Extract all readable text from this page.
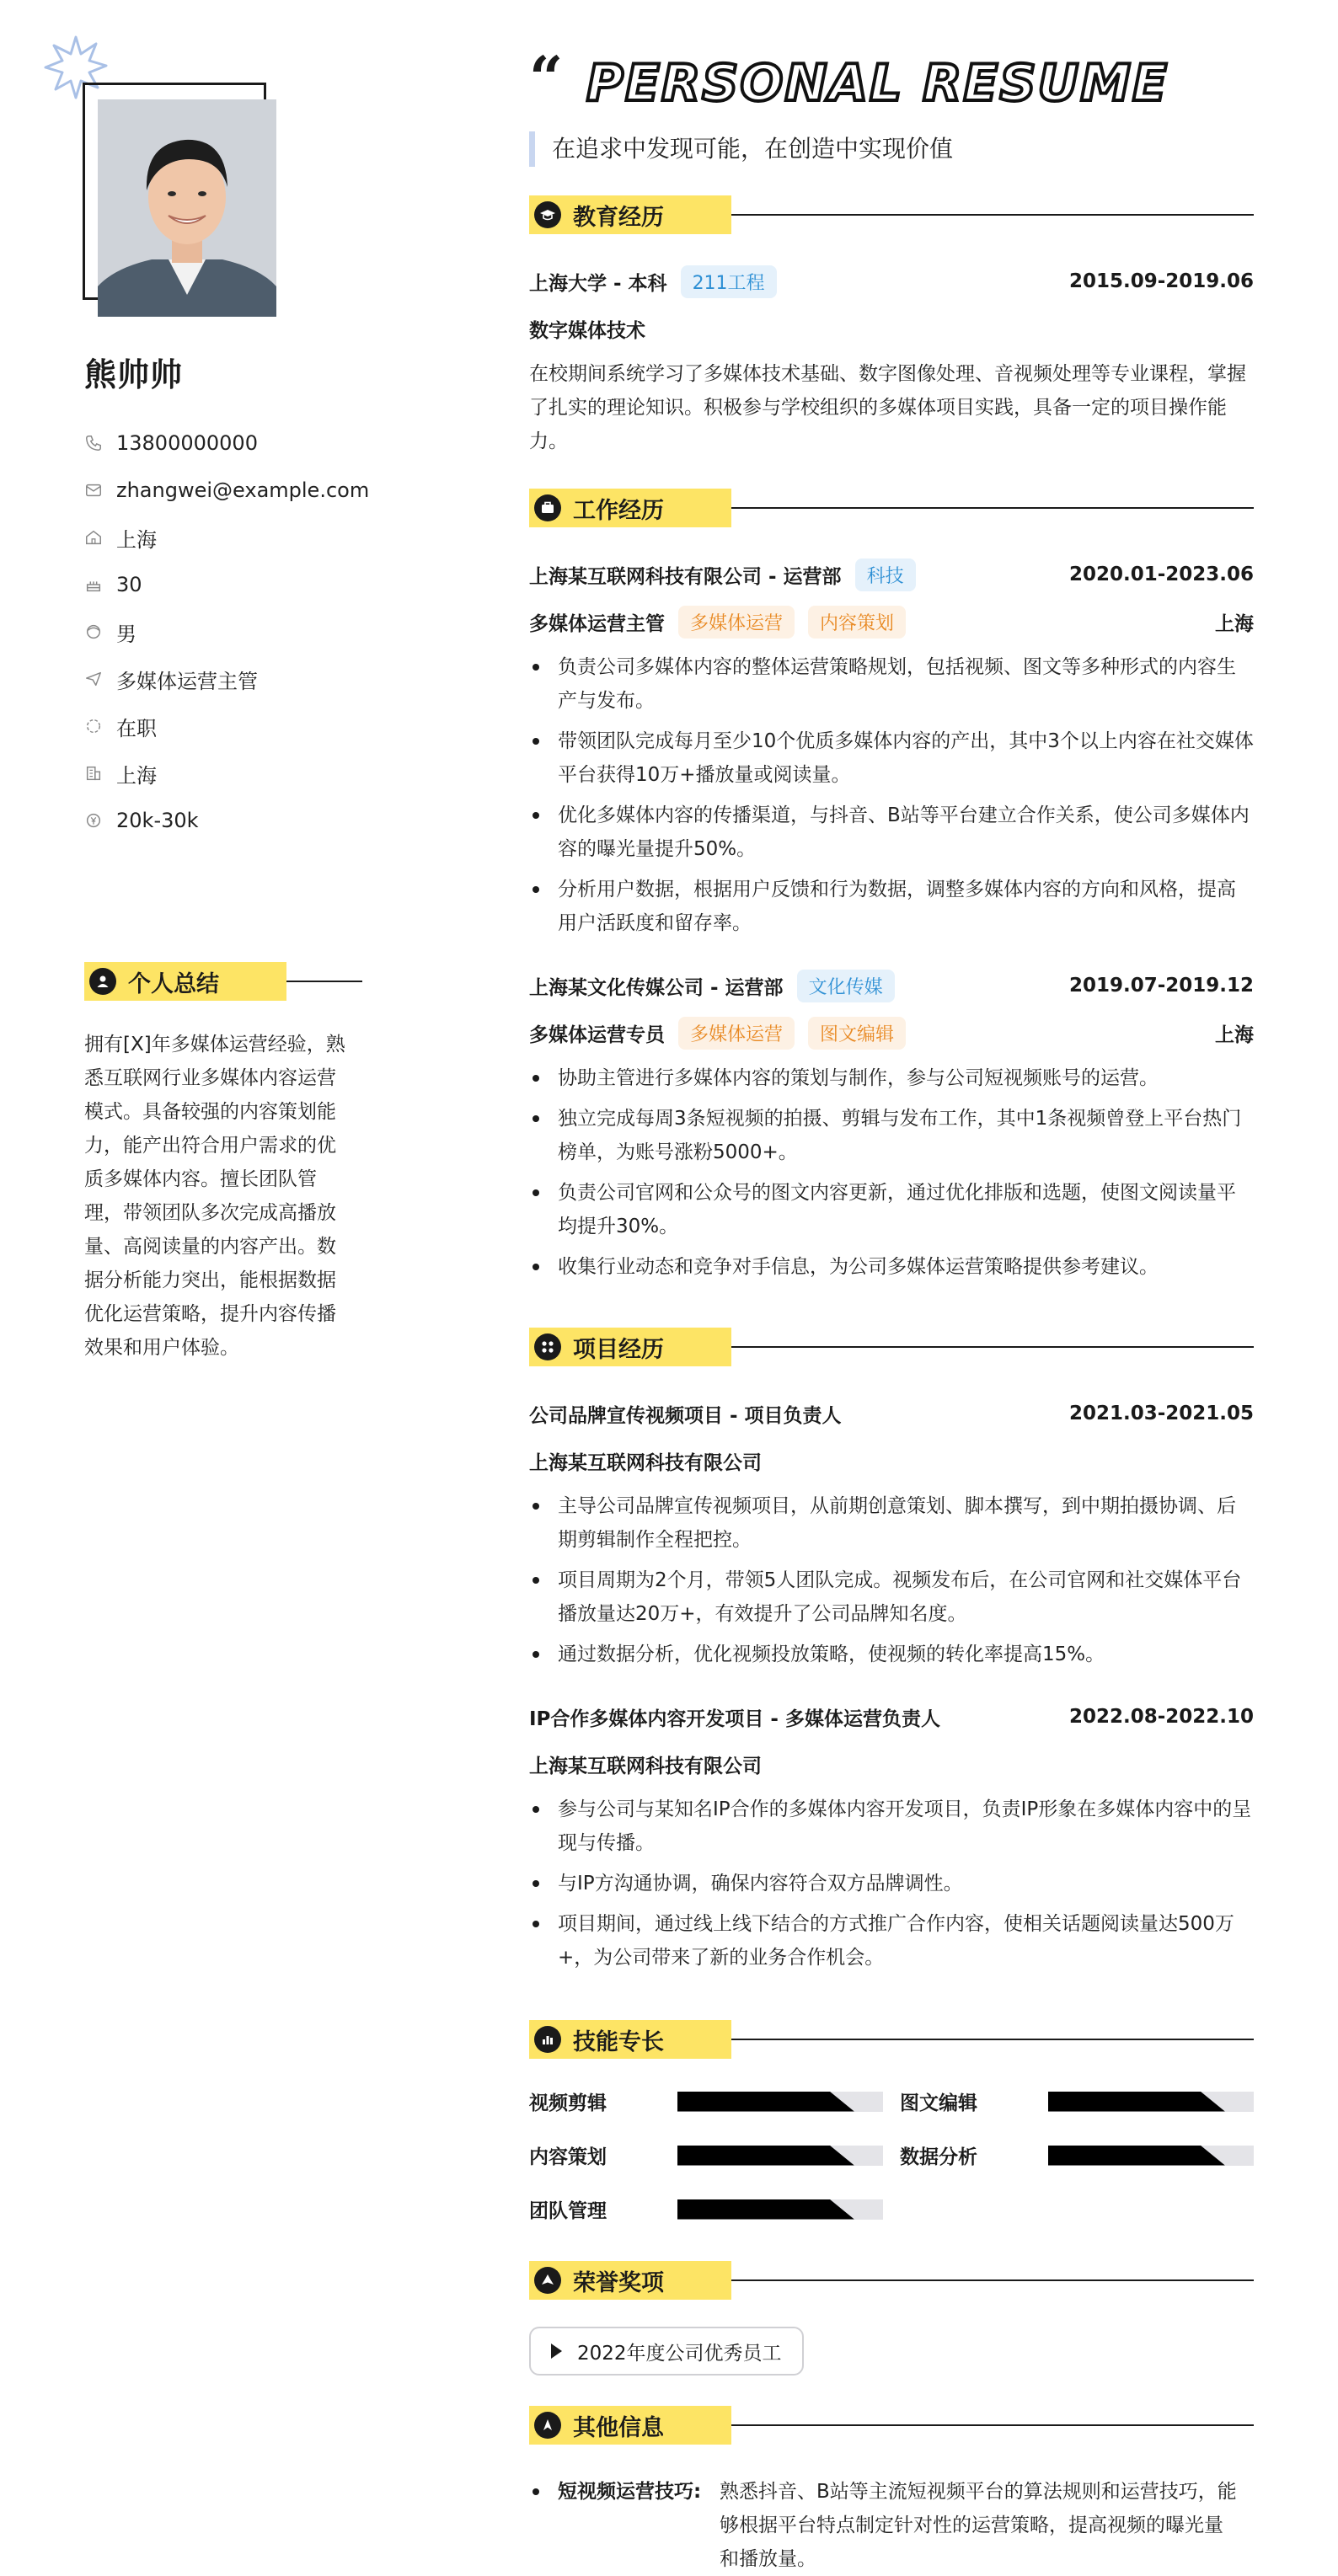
熊帅帅
13800000000
zhangwei@example.com
上海
30
男
多媒体运营主管
在职
上海
20k-30k
个人总结

拥有[X]年多媒体运营经验，熟悉互联网行业多媒体内容运营模式。具备较强的内容策划能力，能产出符合用户需求的优质多媒体内容。擅长团队管理，带领团队多次完成高播放量、高阅读量的内容产出。数据分析能力突出，能根据数据优化运营策略，提升内容传播效果和用户体验。

“ PERSONAL RESUME
在追求中发现可能，在创造中实现价值
教育经历
上海大学 - 本科	211工程	2015.09-2019.06
数字媒体技术

在校期间系统学习了多媒体技术基础、数字图像处理、音视频处理等专业课程，掌握了扎实的理论知识。积极参与学校组织的多媒体项目实践，具备一定的项目操作能力。

工作经历
上海某互联网科技有限公司 - 运营部	科技	2020.01-2023.06
多媒体运营主管	多媒体运营	内容策划	上海
负责公司多媒体内容的整体运营策略规划，包括视频、图文等多种形式的内容生产与发布。
带领团队完成每月至少10个优质多媒体内容的产出，其中3个以上内容在社交媒体平台获得10万+播放量或阅读量。
优化多媒体内容的传播渠道，与抖音、B站等平台建立合作关系，使公司多媒体内容的曝光量提升50%。
分析用户数据，根据用户反馈和行为数据，调整多媒体内容的方向和风格，提高用户活跃度和留存率。
上海某文化传媒公司 - 运营部	文化传媒	2019.07-2019.12
多媒体运营专员	多媒体运营	图文编辑	上海
协助主管进行多媒体内容的策划与制作，参与公司短视频账号的运营。
独立完成每周3条短视频的拍摄、剪辑与发布工作，其中1条视频曾登上平台热门榜单，为账号涨粉5000+。
负责公司官网和公众号的图文内容更新，通过优化排版和选题，使图文阅读量平均提升30%。
收集行业动态和竞争对手信息，为公司多媒体运营策略提供参考建议。
项目经历
公司品牌宣传视频项目 - 项目负责人	2021.03-2021.05
上海某互联网科技有限公司
主导公司品牌宣传视频项目，从前期创意策划、脚本撰写，到中期拍摄协调、后期剪辑制作全程把控。
项目周期为2个月，带领5人团队完成。视频发布后，在公司官网和社交媒体平台播放量达20万+，有效提升了公司品牌知名度。
通过数据分析，优化视频投放策略，使视频的转化率提高15%。
IP合作多媒体内容开发项目 - 多媒体运营负责人	2022.08-2022.10
上海某互联网科技有限公司
参与公司与某知名IP合作的多媒体内容开发项目，负责IP形象在多媒体内容中的呈现与传播。
与IP方沟通协调，确保内容符合双方品牌调性。
项目期间，通过线上线下结合的方式推广合作内容，使相关话题阅读量达500万+，为公司带来了新的业务合作机会。
技能专长
视频剪辑	图文编辑
内容策划	数据分析
团队管理
荣誉奖项
2022年度公司优秀员工
其他信息
短视频运营技巧: 熟悉抖音、B站等主流短视频平台的算法规则和运营技巧，能够根据平台特点制定针对性的运营策略，提高视频的曝光量和播放量。
